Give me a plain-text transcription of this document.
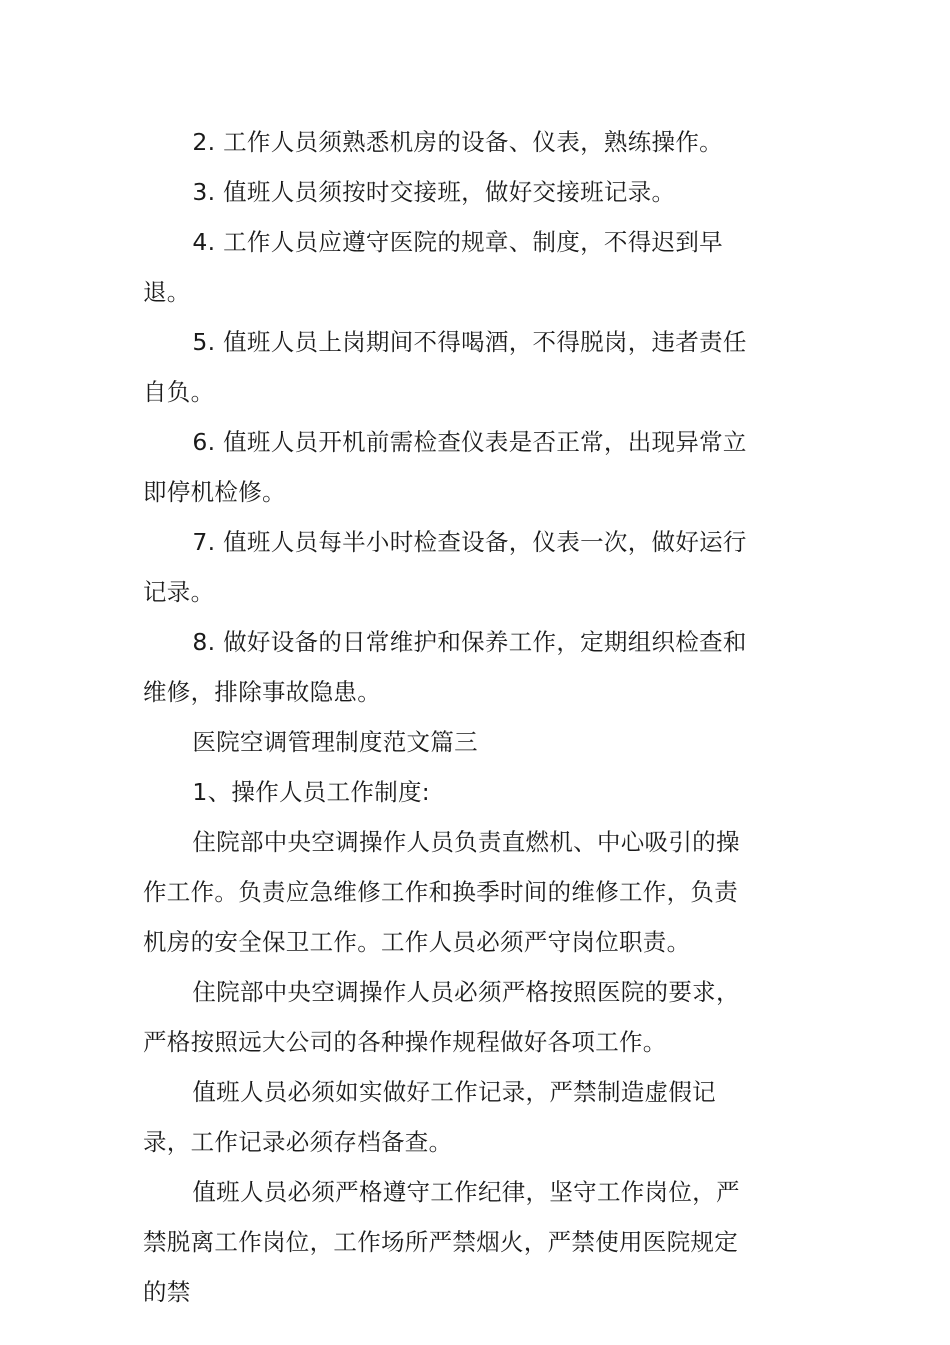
2. 工作人员须熟悉机房的设备、仪表，熟练操作。

3. 值班人员须按时交接班，做好交接班记录。

4. 工作人员应遵守医院的规章、制度，不得迟到早退。

5. 值班人员上岗期间不得喝酒，不得脱岗，违者责任自负。

6. 值班人员开机前需检查仪表是否正常，出现异常立即停机检修。

7. 值班人员每半小时检查设备，仪表一次，做好运行记录。

8. 做好设备的日常维护和保养工作，定期组织检查和维修，排除事故隐患。

医院空调管理制度范文篇三

1、操作人员工作制度:

住院部中央空调操作人员负责直燃机、中心吸引的操作工作。负责应急维修工作和换季时间的维修工作，负责机房的安全保卫工作。工作人员必须严守岗位职责。

住院部中央空调操作人员必须严格按照医院的要求，严格按照远大公司的各种操作规程做好各项工作。

值班人员必须如实做好工作记录，严禁制造虚假记录，工作记录必须存档备查。

值班人员必须严格遵守工作纪律，坚守工作岗位，严禁脱离工作岗位，工作场所严禁烟火，严禁使用医院规定的禁
